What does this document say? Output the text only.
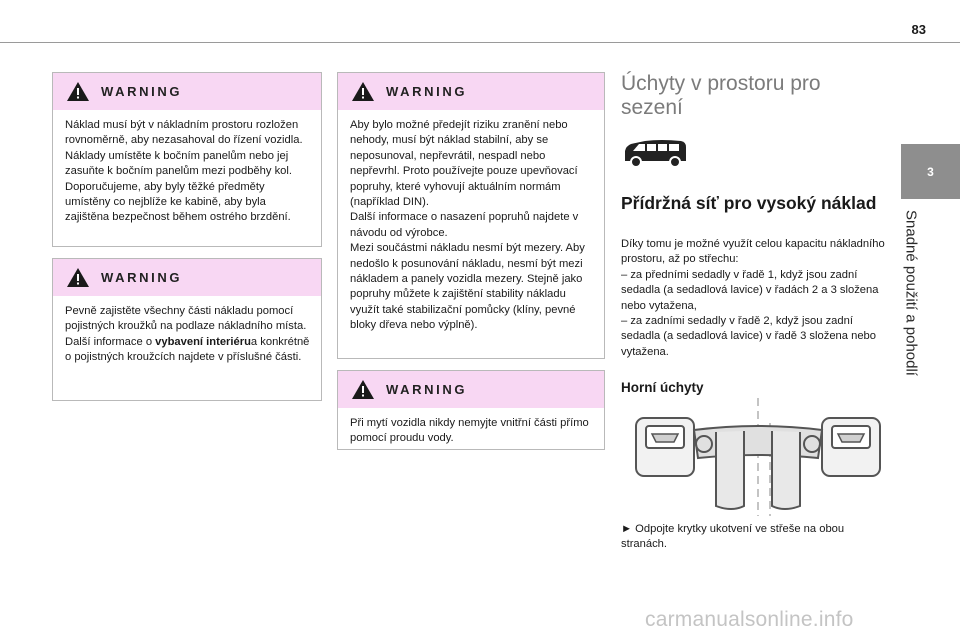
83
3
Snadné použití a pohodlí
WARNING

Náklad musí být v nákladním prostoru rozložen rovnoměrně, aby nezasahoval do řízení vozidla.

Náklady umístěte k bočním panelům nebo jej zasuňte k bočním panelům mezi podběhy kol. Doporučujeme, aby byly těžké předměty umístěny co nejblíže ke kabině, aby byla zajištěna bezpečnost během ostrého brzdění.

WARNING

Pevně zajistěte všechny části nákladu pomocí pojistných kroužků na podlaze nákladního místa.

Další informace o vybavení interiérua konkrétně o pojistných kroužcích najdete v příslušné části.

WARNING

Aby bylo možné předejít riziku zranění nebo nehody, musí být náklad stabilní, aby se neposunoval, nepřevrátil, nespadl nebo nepřevrhl. Proto používejte pouze upevňovací popruhy, které vyhovují aktuálním normám (například DIN).

Další informace o nasazení popruhů najdete v návodu od výrobce.

Mezi součástmi nákladu nesmí být mezery. Aby nedošlo k posunování nákladu, nesmí být mezi nákladem a panely vozidla mezery. Stejně jako popruhy můžete k zajištění stability nákladu využít také stabilizační pomůcky (klíny, pevné bloky dřeva nebo výplně).

WARNING

Při mytí vozidla nikdy nemyjte vnitřní části přímo pomocí proudu vody.

Úchyty v prostoru pro sezení
Přídržná síť pro vysoký náklad

Díky tomu je možné využít celou kapacitu nákladního prostoru, až po střechu:

– za předními sedadly v řadě 1, když jsou zadní sedadla (a sedadlová lavice) v řadách 2 a 3 složena nebo vytažena,

– za zadními sedadly v řadě 2, když jsou zadní sedadla (a sedadlová lavice) v řadě 3 složena nebo vytažena.

Horní úchyty
► Odpojte krytky ukotvení ve střeše na obou stranách.
carmanualsonline.info
